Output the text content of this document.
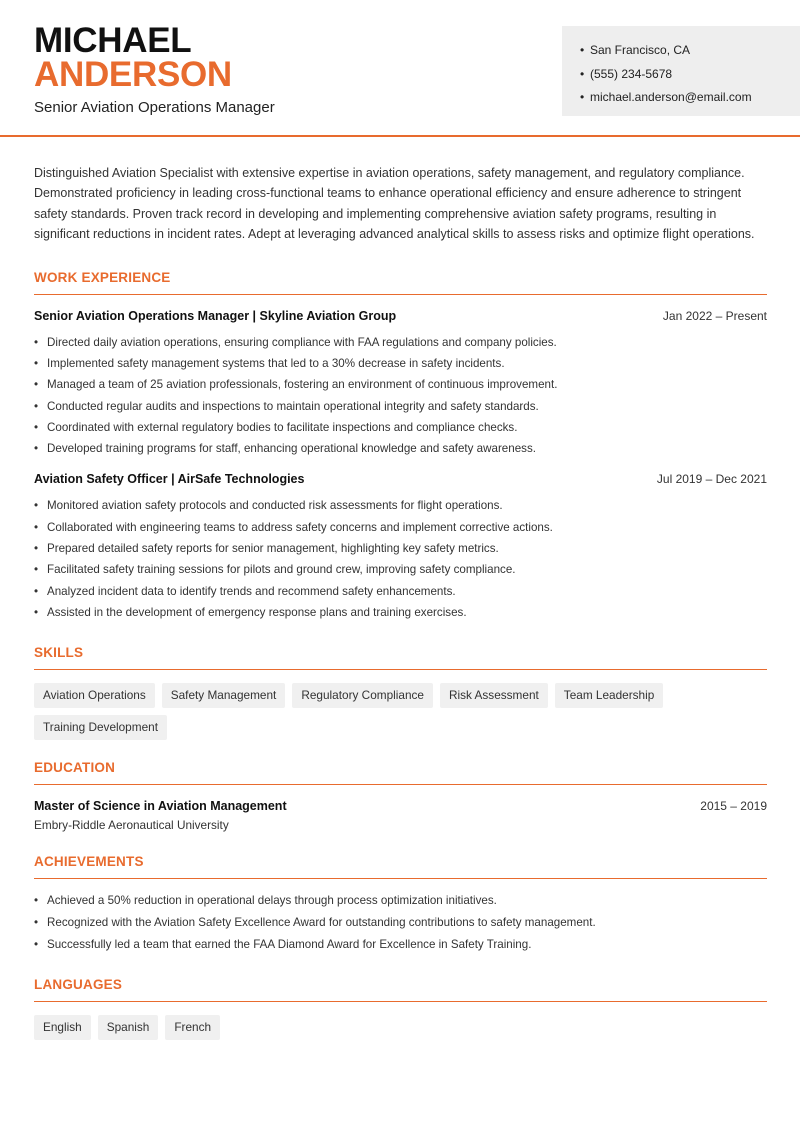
MICHAEL
ANDERSON
Senior Aviation Operations Manager
• San Francisco, CA
• (555) 234-5678
• michael.anderson@email.com

Distinguished Aviation Specialist with extensive expertise in aviation operations, safety management, and regulatory compliance. Demonstrated proficiency in leading cross-functional teams to enhance operational efficiency and ensure adherence to stringent safety standards. Proven track record in developing and implementing comprehensive aviation safety programs, resulting in significant reductions in incident rates. Adept at leveraging advanced analytical skills to assess risks and optimize flight operations.

WORK EXPERIENCE
Senior Aviation Operations Manager | Skyline Aviation Group	Jan 2022 – Present
• Directed daily aviation operations, ensuring compliance with FAA regulations and company policies.
• Implemented safety management systems that led to a 30% decrease in safety incidents.
• Managed a team of 25 aviation professionals, fostering an environment of continuous improvement.
• Conducted regular audits and inspections to maintain operational integrity and safety standards.
• Coordinated with external regulatory bodies to facilitate inspections and compliance checks.
• Developed training programs for staff, enhancing operational knowledge and safety awareness.
Aviation Safety Officer | AirSafe Technologies	Jul 2019 – Dec 2021
• Monitored aviation safety protocols and conducted risk assessments for flight operations.
• Collaborated with engineering teams to address safety concerns and implement corrective actions.
• Prepared detailed safety reports for senior management, highlighting key safety metrics.
• Facilitated safety training sessions for pilots and ground crew, improving safety compliance.
• Analyzed incident data to identify trends and recommend safety enhancements.
• Assisted in the development of emergency response plans and training exercises.
SKILLS
Aviation Operations	Safety Management	Regulatory Compliance	Risk Assessment	Team Leadership
Training Development
EDUCATION
Master of Science in Aviation Management	2015 – 2019
Embry-Riddle Aeronautical University
ACHIEVEMENTS
• Achieved a 50% reduction in operational delays through process optimization initiatives.
• Recognized with the Aviation Safety Excellence Award for outstanding contributions to safety management.
• Successfully led a team that earned the FAA Diamond Award for Excellence in Safety Training.
LANGUAGES
English	Spanish	French
